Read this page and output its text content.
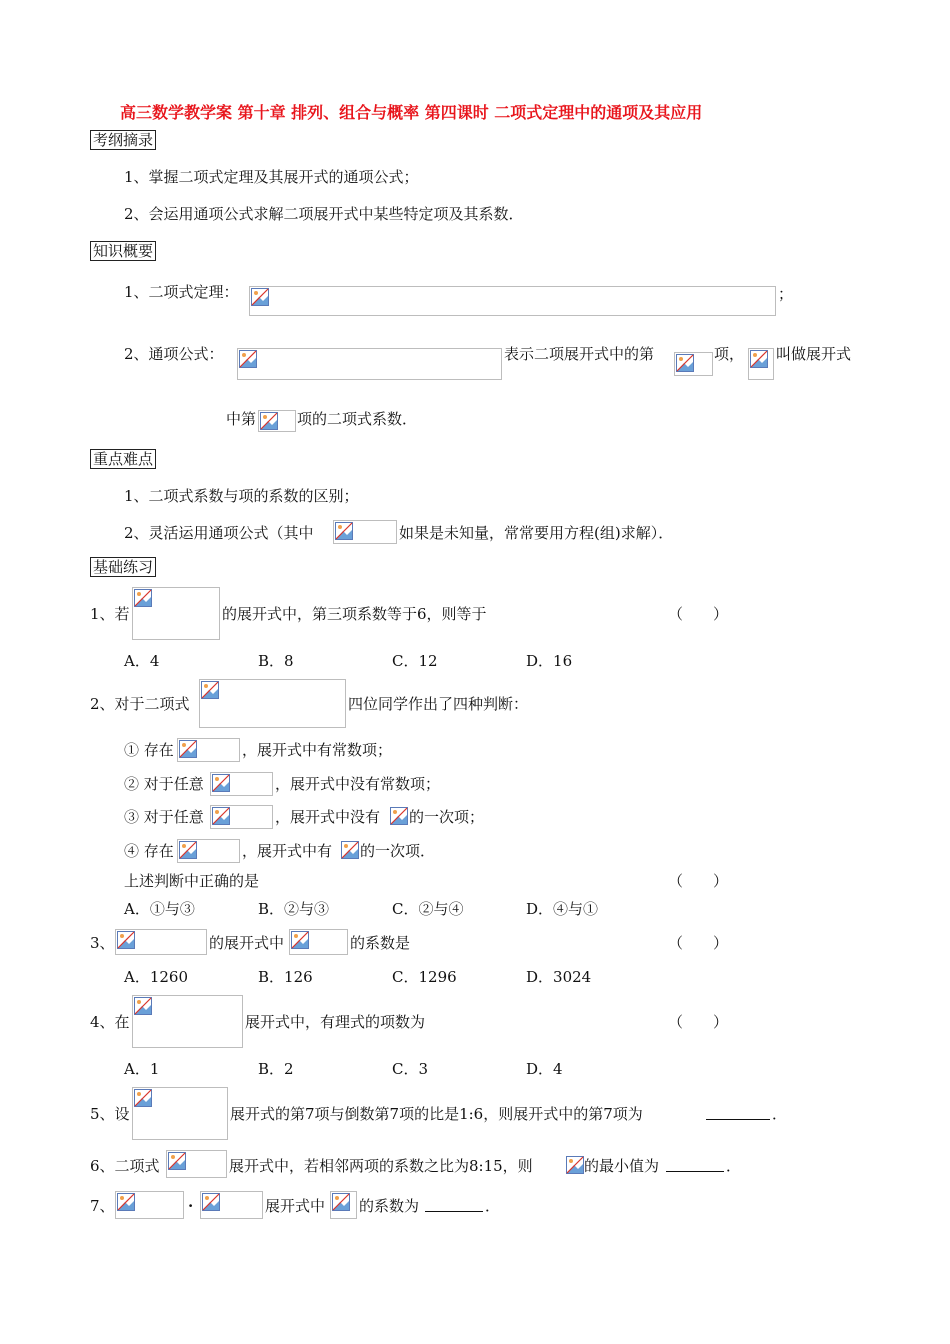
高三数学教学案 第十章 排列、组合与概率 第四课时 二项式定理中的通项及其应用
考纲摘录
1、掌握二项式定理及其展开式的通项公式；
2、会运用通项公式求解二项展开式中某些特定项及其系数．
知识概要
1、二项式定理：	；
2、通项公式：	表示二项展开式中的第	项， 叫做展开式
中第	项的二项式系数．
重点难点
1、二项式系数与项的系数的区别；
2、灵活运用通项公式（其中	如果是未知量，常常要用方程(组)求解）．
基础练习
1、若	的展开式中，第三项系数等于6，则等于	（　　）
A．4	B．8	C．12	D．16
2、对于二项式	四位同学作出了四种判断：
① 存在	，展开式中有常数项；
② 对于任意	，展开式中没有常数项；
③ 对于任意	，展开式中没有 的一次项；
④ 存在	，展开式中有 的一次项．
上述判断中正确的是	（　　）
A．①与③	B．②与③	C．②与④	D．④与①
3、	的展开式中	的系数是	（　　）
A．1260	B．126	C．1296	D．3024
4、在	展开式中，有理式的项数为	（　　）
A．1	B．2	C．3	D．4
5、设	展开式的第7项与倒数第7项的比是1:6，则展开式中的第7项为	．
6、二项式	展开式中，若相邻两项的系数之比为8:15，则	的最小值为	．
7、	·	展开式中 的系数为	．
